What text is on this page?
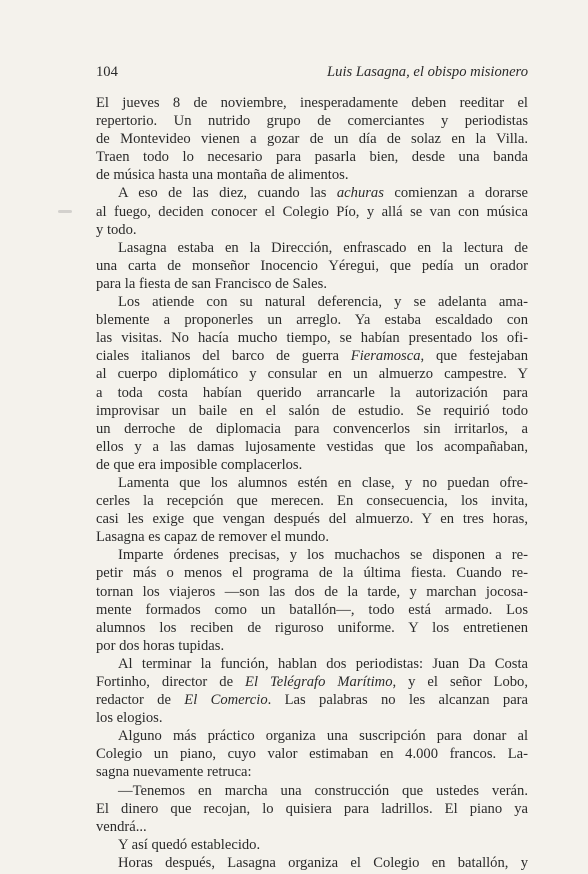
104	Luis Lasagna, el obispo misionero
El jueves 8 de noviembre, inesperadamente deben reeditar el
repertorio. Un nutrido grupo de comerciantes y periodistas
de Montevideo vienen a gozar de un día de solaz en la Villa.
Traen todo lo necesario para pasarla bien, desde una banda
de música hasta una montaña de alimentos.
A eso de las diez, cuando las achuras comienzan a dorarse
al fuego, deciden conocer el Colegio Pío, y allá se van con música
y todo.
Lasagna estaba en la Dirección, enfrascado en la lectura de
una carta de monseñor Inocencio Yéregui, que pedía un orador
para la fiesta de san Francisco de Sales.
Los atiende con su natural deferencia, y se adelanta ama-
blemente a proponerles un arreglo. Ya estaba escaldado con
las visitas. No hacía mucho tiempo, se habían presentado los ofi-
ciales italianos del barco de guerra Fieramosca, que festejaban
al cuerpo diplomático y consular en un almuerzo campestre. Y
a toda costa habían querido arrancarle la autorización para
improvisar un baile en el salón de estudio. Se requirió todo
un derroche de diplomacia para convencerlos sin irritarlos, a
ellos y a las damas lujosamente vestidas que los acompañaban,
de que era imposible complacerlos.
Lamenta que los alumnos estén en clase, y no puedan ofre-
cerles la recepción que merecen. En consecuencia, los invita,
casi les exige que vengan después del almuerzo. Y en tres horas,
Lasagna es capaz de remover el mundo.
Imparte órdenes precisas, y los muchachos se disponen a re-
petir más o menos el programa de la última fiesta. Cuando re-
tornan los viajeros —son las dos de la tarde, y marchan jocosa-
mente formados como un batallón—, todo está armado. Los
alumnos los reciben de riguroso uniforme. Y los entretienen
por dos horas tupidas.
Al terminar la función, hablan dos periodistas: Juan Da Costa
Fortinho, director de El Telégrafo Marítimo, y el señor Lobo,
redactor de El Comercio. Las palabras no les alcanzan para
los elogios.
Alguno más práctico organiza una suscripción para donar al
Colegio un piano, cuyo valor estimaban en 4.000 francos. La-
sagna nuevamente retruca:
—Tenemos en marcha una construcción que ustedes verán.
El dinero que recojan, lo quisiera para ladrillos. El piano ya
vendrá...
Y así quedó establecido.
Horas después, Lasagna organiza el Colegio en batallón, y
